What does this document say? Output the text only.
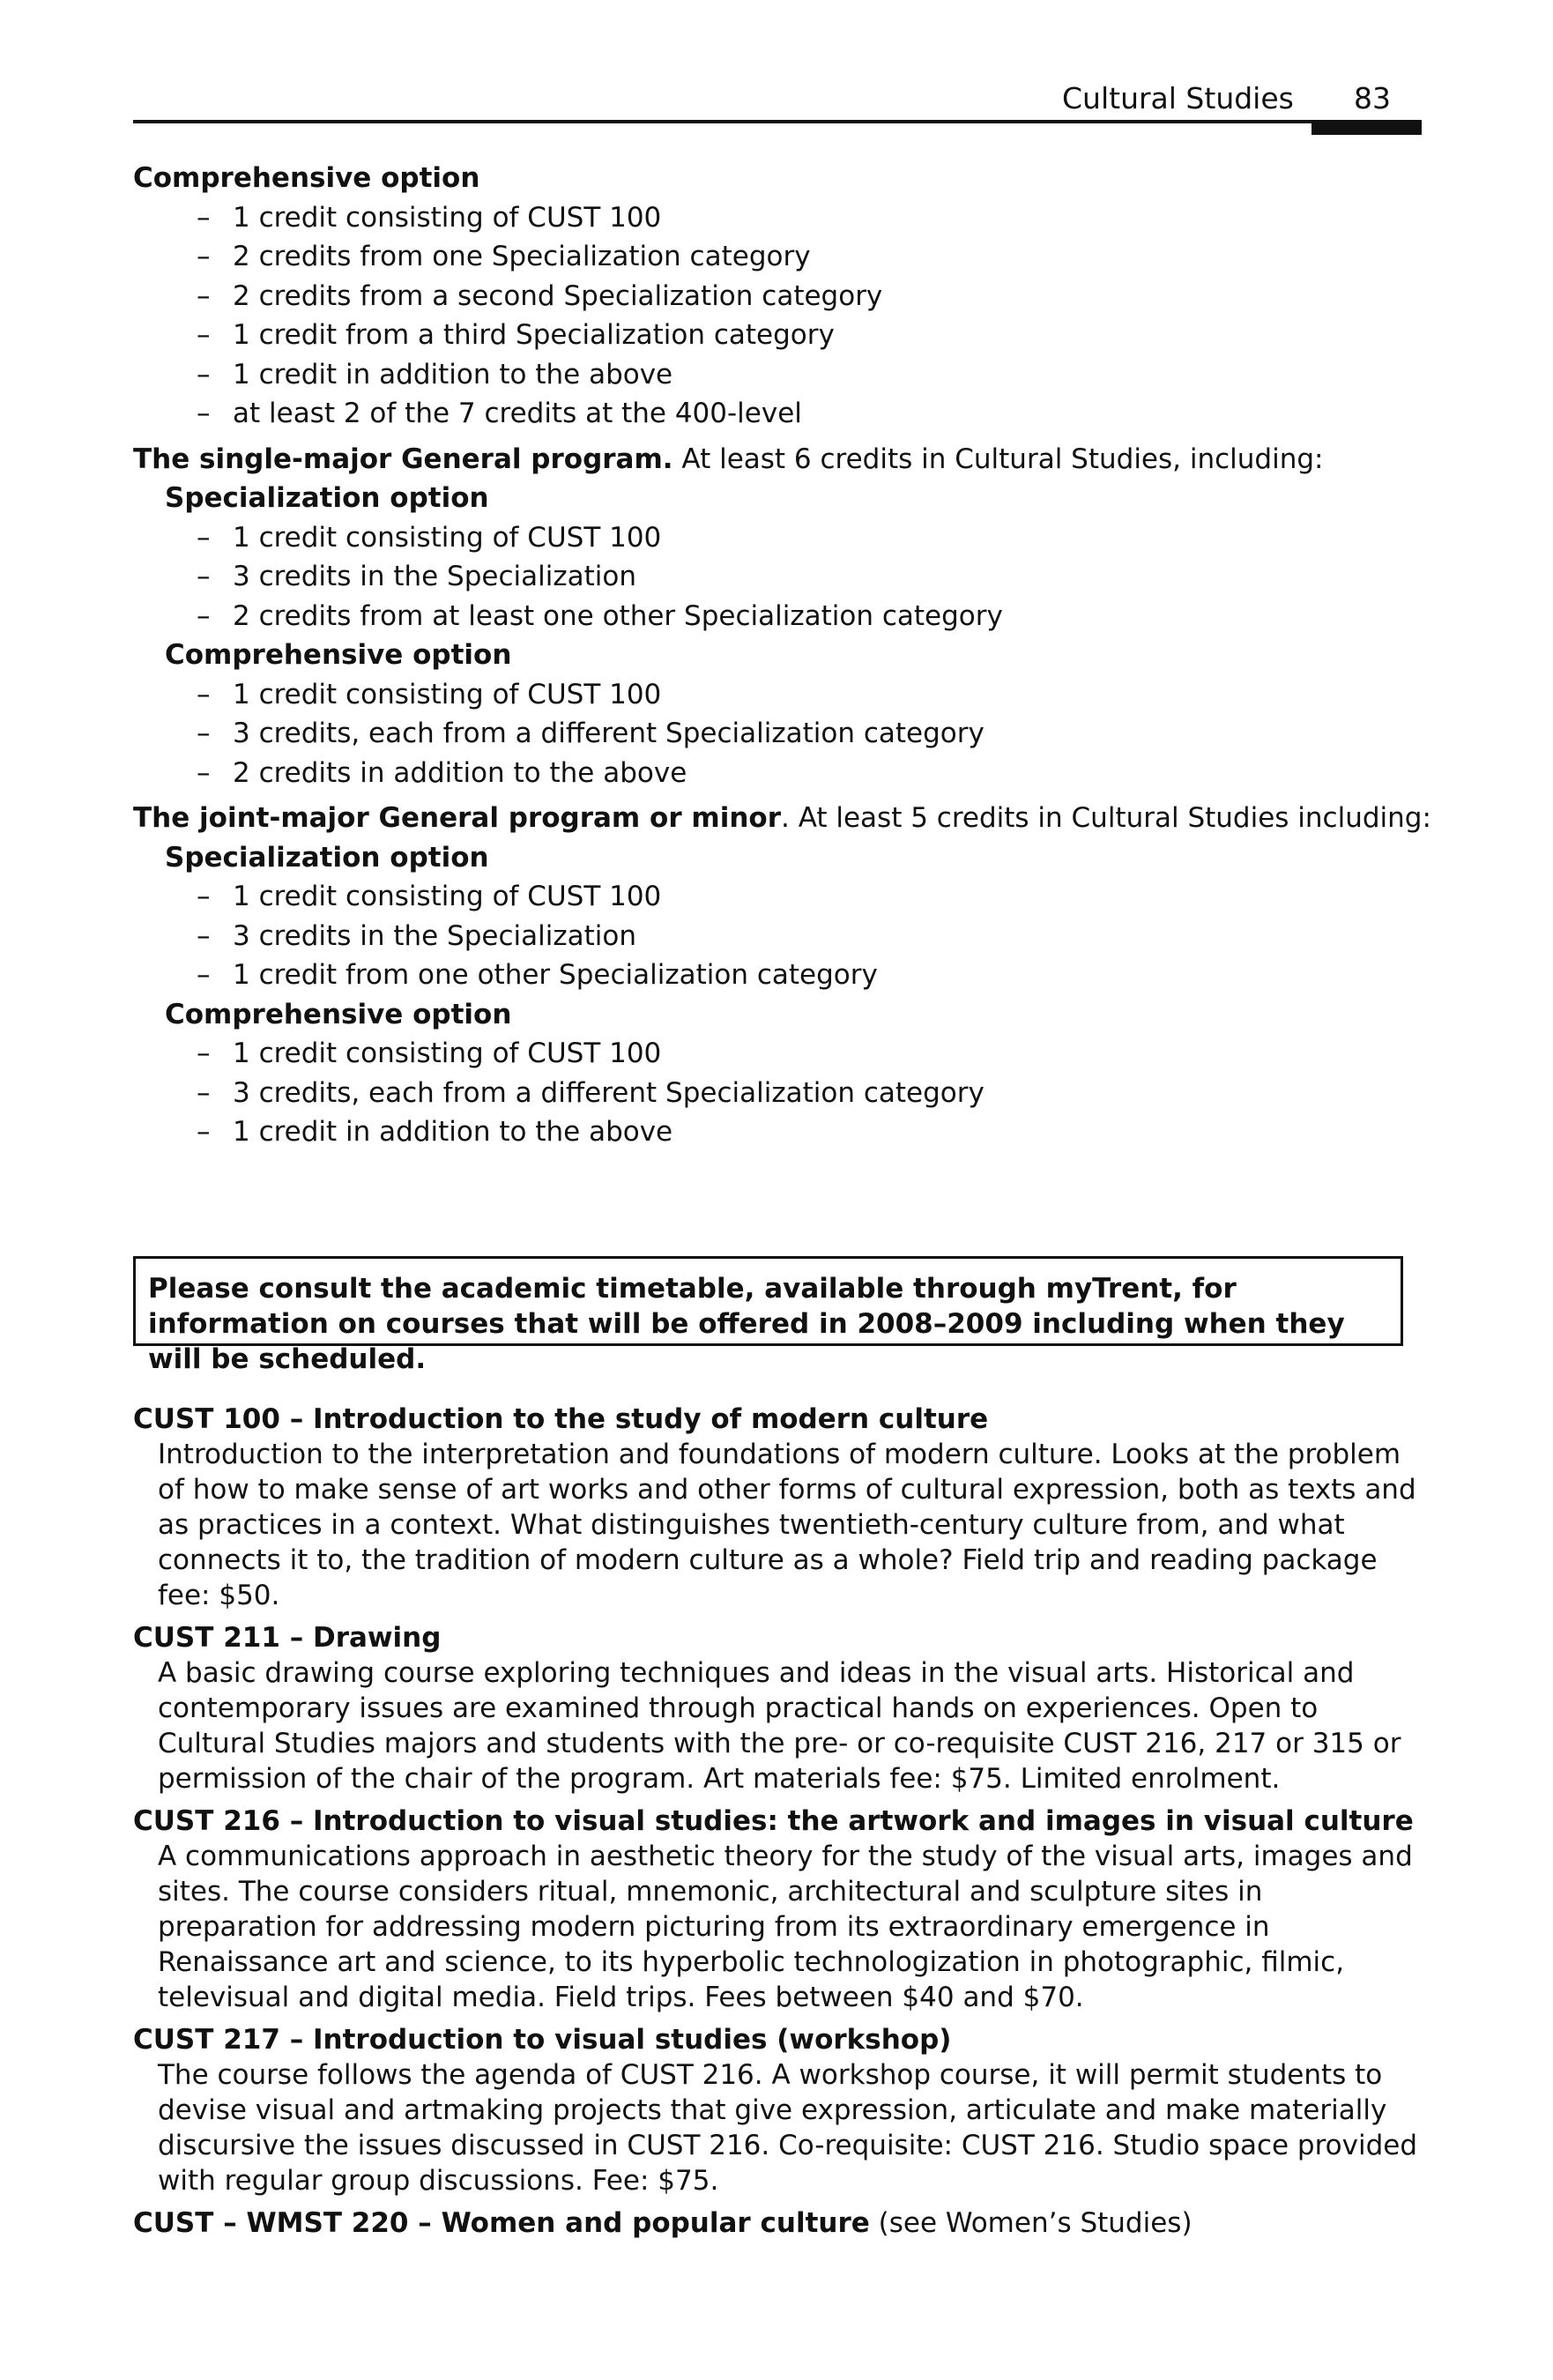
Cultural Studies 83
Comprehensive option
– 1 credit consisting of CUST 100
– 2 credits from one Specialization category
– 2 credits from a second Specialization category
– 1 credit from a third Specialization category
– 1 credit in addition to the above
– at least 2 of the 7 credits at the 400-level
The single-major General program. At least 6 credits in Cultural Studies, including:
Specialization option
– 1 credit consisting of CUST 100
– 3 credits in the Specialization
– 2 credits from at least one other Specialization category
Comprehensive option
– 1 credit consisting of CUST 100
– 3 credits, each from a different Specialization category
– 2 credits in addition to the above
The joint-major General program or minor. At least 5 credits in Cultural Studies including:
Specialization option
– 1 credit consisting of CUST 100
– 3 credits in the Specialization
– 1 credit from one other Specialization category
Comprehensive option
– 1 credit consisting of CUST 100
– 3 credits, each from a different Specialization category
– 1 credit in addition to the above
Please consult the academic timetable, available through myTrent, for information on courses that will be offered in 2008–2009 including when they will be scheduled.
CUST 100 – Introduction to the study of modern culture
Introduction to the interpretation and foundations of modern culture. Looks at the problem of how to make sense of art works and other forms of cultural expression, both as texts and as practices in a context. What distinguishes twentieth-century culture from, and what connects it to, the tradition of modern culture as a whole? Field trip and reading package fee: $50.
CUST 211 – Drawing
A basic drawing course exploring techniques and ideas in the visual arts. Historical and contemporary issues are examined through practical hands on experiences. Open to Cultural Studies majors and students with the pre- or co-requisite CUST 216, 217 or 315 or permission of the chair of the program. Art materials fee: $75. Limited enrolment.
CUST 216 – Introduction to visual studies: the artwork and images in visual culture
A communications approach in aesthetic theory for the study of the visual arts, images and sites. The course considers ritual, mnemonic, architectural and sculpture sites in preparation for addressing modern picturing from its extraordinary emergence in Renaissance art and science, to its hyperbolic technologization in photographic, filmic, televisual and digital media. Field trips. Fees between $40 and $70.
CUST 217 – Introduction to visual studies (workshop)
The course follows the agenda of CUST 216. A workshop course, it will permit students to devise visual and artmaking projects that give expression, articulate and make materially discursive the issues discussed in CUST 216. Co-requisite: CUST 216. Studio space provided with regular group discussions. Fee: $75.
CUST – WMST 220 – Women and popular culture (see Women’s Studies)
